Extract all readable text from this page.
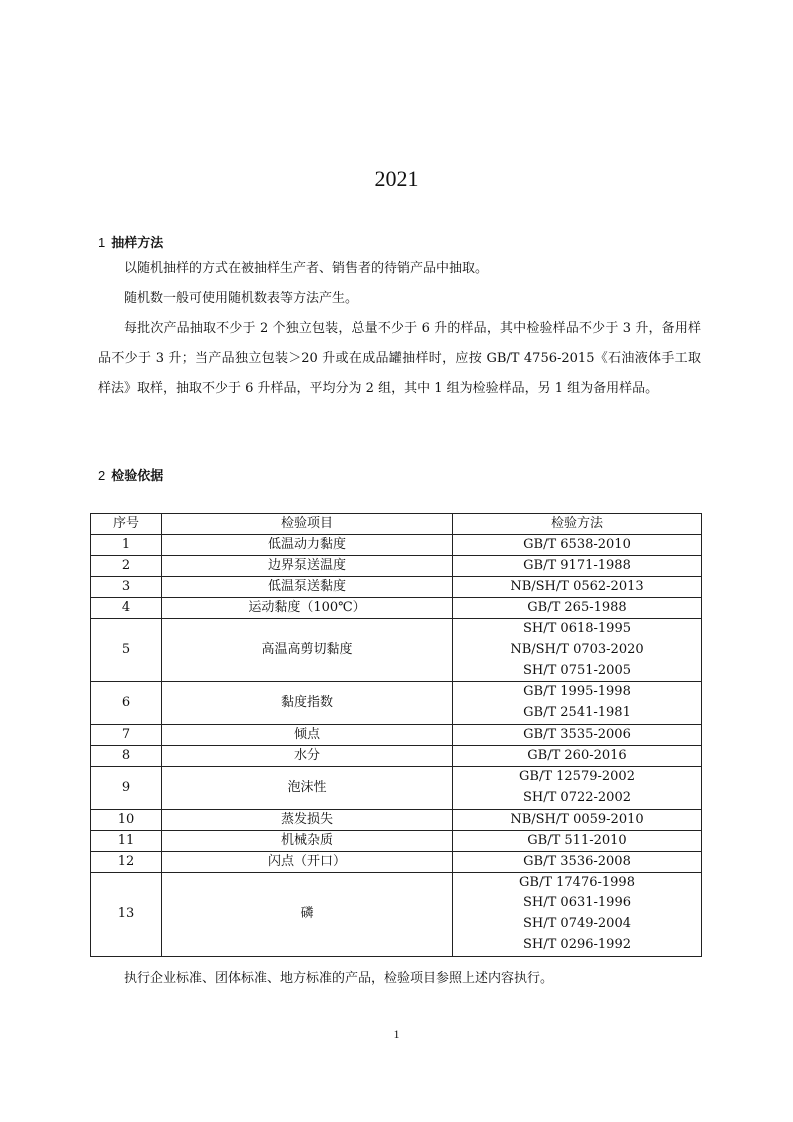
2021
1 抽样方法
以随机抽样的方式在被抽样生产者、销售者的待销产品中抽取。
随机数一般可使用随机数表等方法产生。
每批次产品抽取不少于 2 个独立包装，总量不少于 6 升的样品，其中检验样品不少于 3 升，备用样品不少于 3 升；当产品独立包装＞20 升或在成品罐抽样时，应按 GB/T 4756-2015《石油液体手工取样法》取样，抽取不少于 6 升样品，平均分为 2 组，其中 1 组为检验样品，另 1 组为备用样品。
2 检验依据
序号	检验项目	检验方法
1	低温动力黏度	GB/T 6538-2010

2	边界泵送温度	GB/T 9171-1988

3	低温泵送黏度	NB/SH/T 0562-2013

4	运动黏度（100℃）	GB/T 265-1988

5	高温高剪切黏度	SH/T 0618-1995
NB/SH/T 0703-2020
SH/T 0751-2005

6	黏度指数	GB/T 1995-1998
GB/T 2541-1981

7	倾点	GB/T 3535-2006

8	水分	GB/T 260-2016

9	泡沫性	GB/T 12579-2002
SH/T 0722-2002

10	蒸发损失	NB/SH/T 0059-2010

11	机械杂质	GB/T 511-2010

12	闪点（开口）	GB/T 3536-2008

13	磷	GB/T 17476-1998
SH/T 0631-1996
SH/T 0749-2004
SH/T 0296-1992
执行企业标准、团体标准、地方标准的产品，检验项目参照上述内容执行。
1
